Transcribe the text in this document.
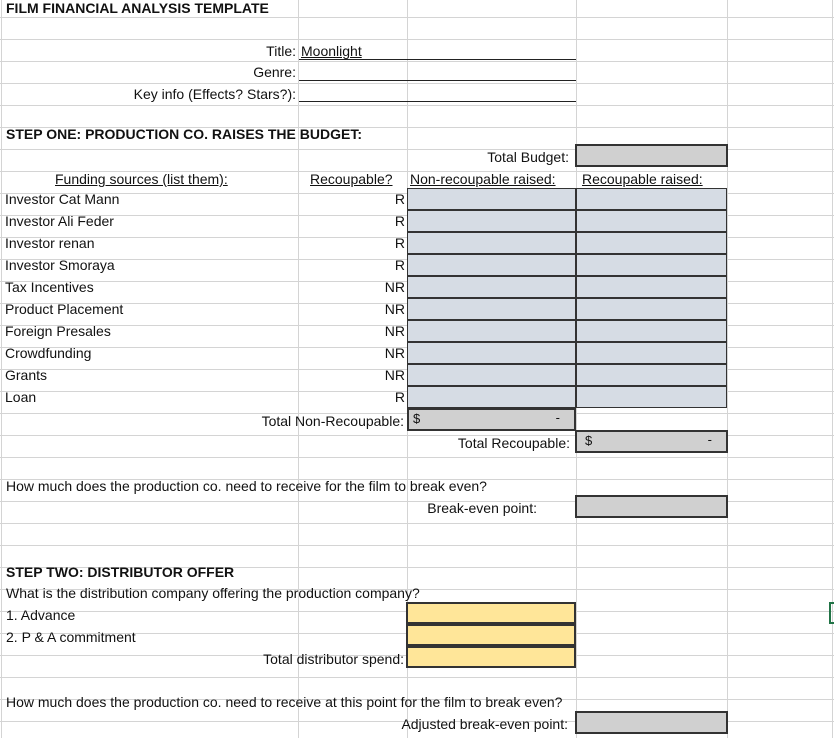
FILM FINANCIAL ANALYSIS TEMPLATE
Title: Moonlight
Genre:
Key info (Effects? Stars?):
STEP ONE: PRODUCTION CO. RAISES THE BUDGET:
Total Budget:
Funding sources (list them):	Recoupable? Non-recoupable raised: Recoupable raised:
Investor Cat Mann	R
Investor Ali Feder	R
Investor renan	R
Investor Smoraya	R
Tax Incentives	NR
Product Placement	NR
Foreign Presales	NR
Crowdfunding	NR
Grants	NR
Loan	R
Total Non-Recoupable: $	-
Total Recoupable: $	-
How much does the production co. need to receive for the film to break even?
Break-even point:
STEP TWO: DISTRIBUTOR OFFER
What is the distribution company offering the production company?
1. Advance
2. P & A commitment
Total distributor spend:
How much does the production co. need to receive at this point for the film to break even?
Adjusted break-even point:
